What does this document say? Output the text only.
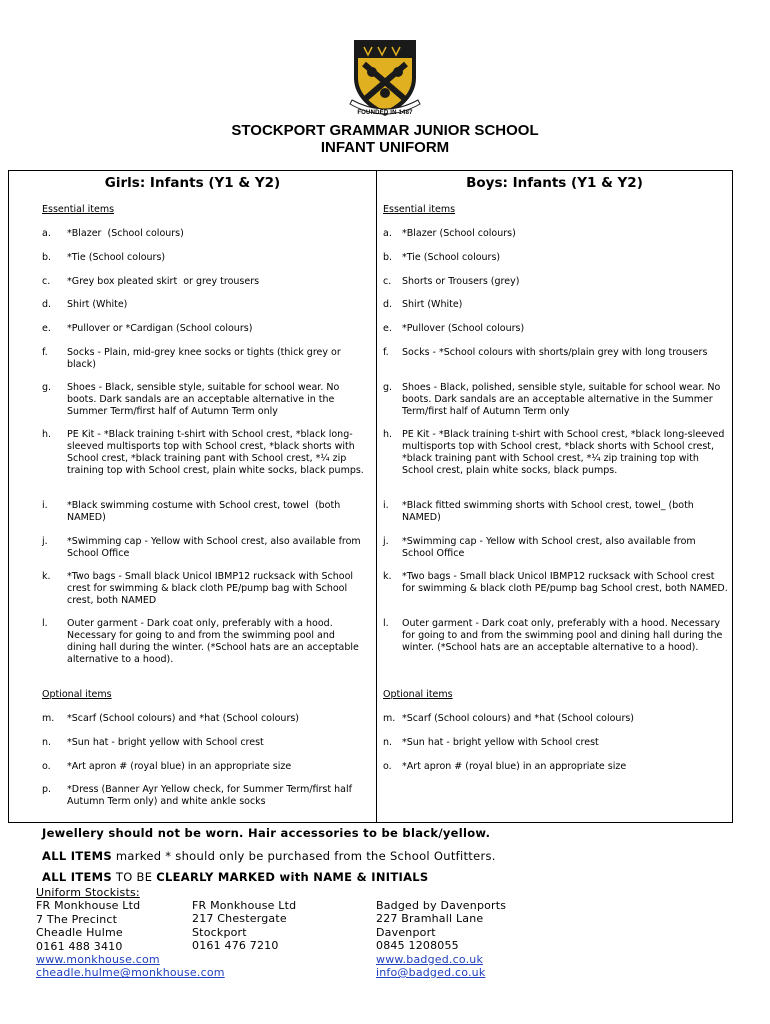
FOUNDED IN 1487
STOCKPORT GRAMMAR JUNIOR SCHOOL
INFANT UNIFORM
Girls: Infants (Y1 & Y2)	Boys: Infants (Y1 & Y2)
Essential items
a. *Blazer  (School colours)
b. *Tie (School colours)
c. *Grey box pleated skirt  or grey trousers
d. Shirt (White)
e. *Pullover or *Cardigan (School colours)
f. Socks - Plain, mid-grey knee socks or tights (thick grey or black)
g. Shoes - Black, sensible style, suitable for school wear. No boots. Dark sandals are an acceptable alternative in the Summer Term/first half of Autumn Term only
h. PE Kit - *Black training t-shirt with School crest, *black long-sleeved multisports top with School crest, *black shorts with School crest, *black training pant with School crest, *¼ zip training top with School crest, plain white socks, black pumps.
i. *Black swimming costume with School crest, towel  (both NAMED)
j. *Swimming cap - Yellow with School crest, also available from School Office
k. *Two bags - Small black Unicol IBMP12 rucksack with School crest for swimming & black cloth PE/pump bag with School crest, both NAMED
l. Outer garment - Dark coat only, preferably with a hood. Necessary for going to and from the swimming pool and dining hall during the winter. (*School hats are an acceptable alternative to a hood).
Optional items
m. *Scarf (School colours) and *hat (School colours)
n. *Sun hat - bright yellow with School crest
o. *Art apron # (royal blue) in an appropriate size
p. *Dress (Banner Ayr Yellow check, for Summer Term/first half Autumn Term only) and white ankle socks
Essential items
a. *Blazer (School colours)
b. *Tie (School colours)
c. Shorts or Trousers (grey)
d. Shirt (White)
e. *Pullover (School colours)
f. Socks - *School colours with shorts/plain grey with long trousers
g. Shoes - Black, polished, sensible style, suitable for school wear. No boots. Dark sandals are an acceptable alternative in the Summer Term/first half of Autumn Term only
h. PE Kit - *Black training t-shirt with School crest, *black long-sleeved multisports top with School crest, *black shorts with School crest, *black training pant with School crest, *¼ zip training top with School crest, plain white socks, black pumps.
i. *Black fitted swimming shorts with School crest, towel_ (both NAMED)
j. *Swimming cap - Yellow with School crest, also available from School Office
k. *Two bags - Small black Unicol IBMP12 rucksack with School crest for swimming & black cloth PE/pump bag School crest, both NAMED.
l. Outer garment - Dark coat only, preferably with a hood. Necessary for going to and from the swimming pool and dining hall during the winter. (*School hats are an acceptable alternative to a hood).
Optional items
m. *Scarf (School colours) and *hat (School colours)
n. *Sun hat - bright yellow with School crest
o. *Art apron # (royal blue) in an appropriate size
Jewellery should not be worn. Hair accessories to be black/yellow.
ALL ITEMS marked * should only be purchased from the School Outfitters.
ALL ITEMS TO BE CLEARLY MARKED with NAME & INITIALS
Uniform Stockists:
FR Monkhouse Ltd
7 The Precinct
Cheadle Hulme
0161 488 3410
www.monkhouse.com
cheadle.hulme@monkhouse.com
FR Monkhouse Ltd
217 Chestergate
Stockport
0161 476 7210
Badged by Davenports
227 Bramhall Lane
Davenport
0845 1208055
www.badged.co.uk
info@badged.co.uk
